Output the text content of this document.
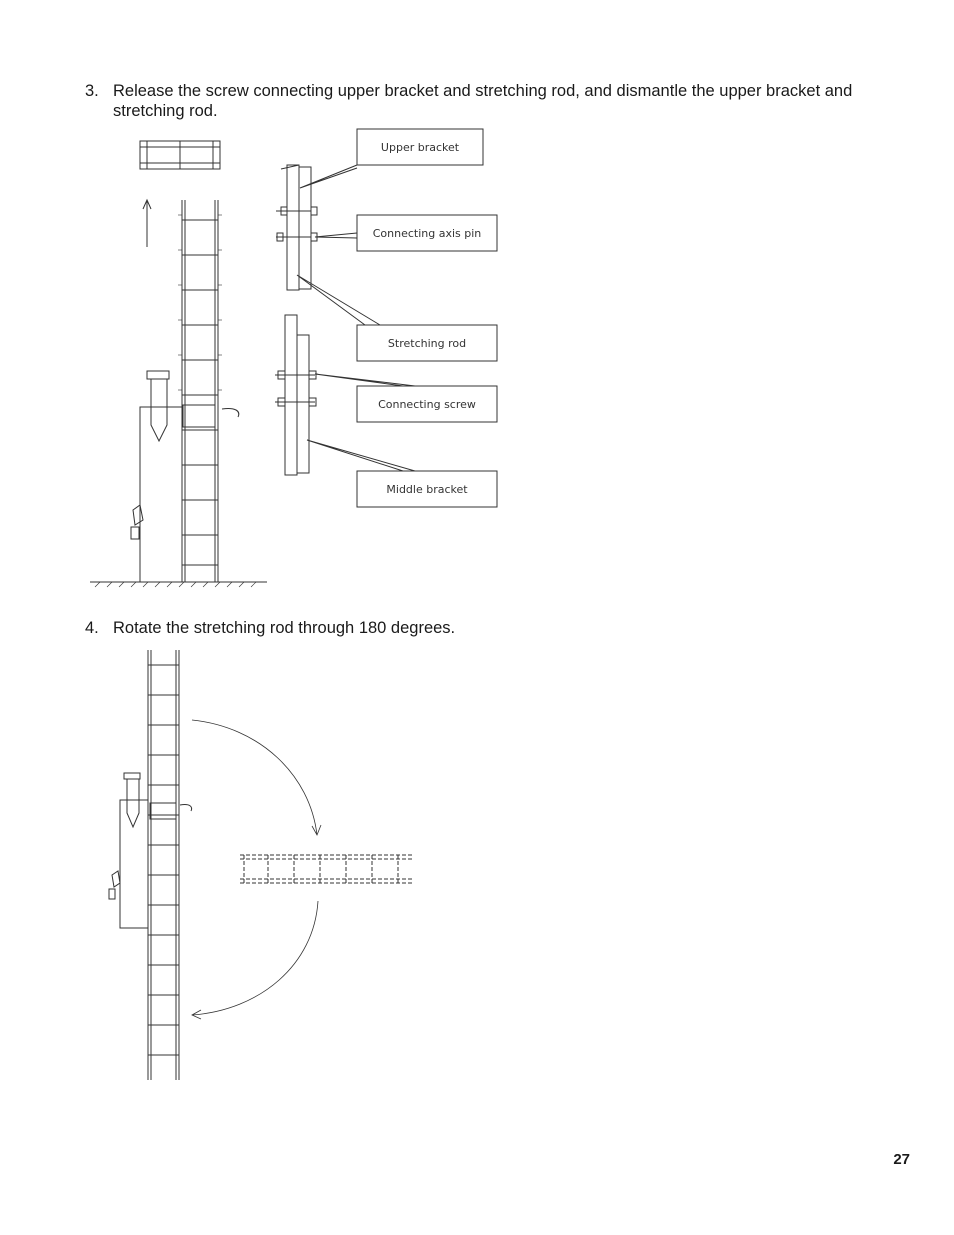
3. Release the screw connecting upper bracket and stretching rod, and dismantle the upper bracket and stretching rod.
Upper bracket
Connecting axis pin
Stretching rod
Connecting screw
Middle bracket
4. Rotate the stretching rod through 180 degrees.
27
